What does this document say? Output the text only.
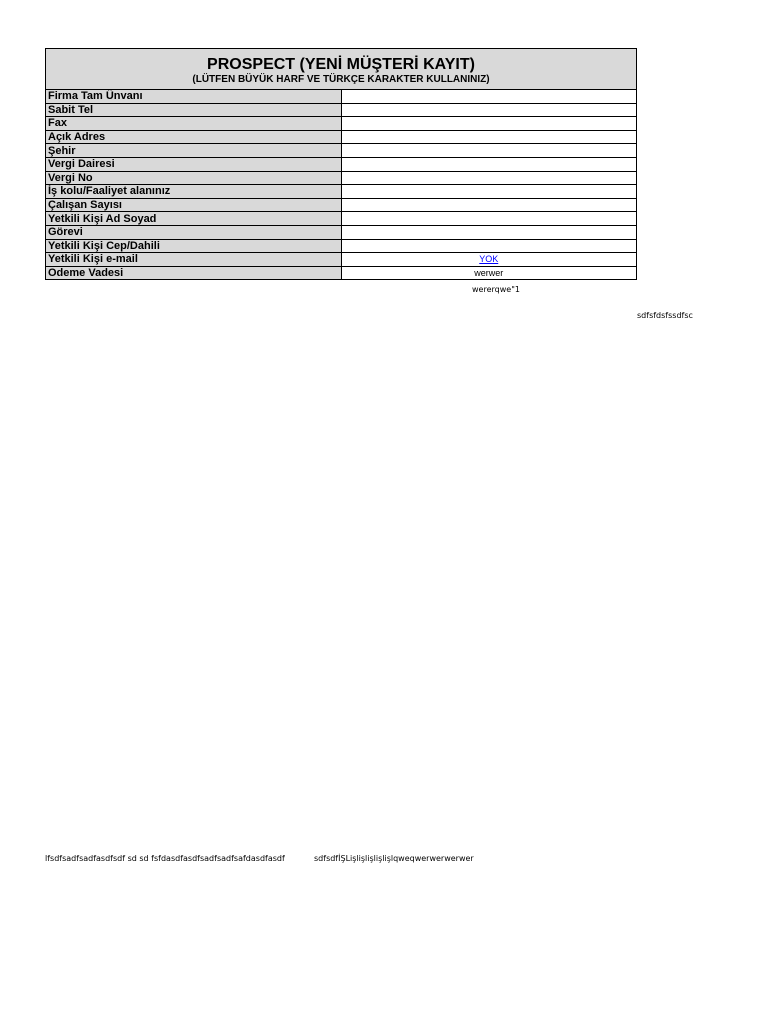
PROSPECT (YENİ MÜŞTERİ KAYIT)
(LÜTFEN BÜYÜK HARF VE TÜRKÇE KARAKTER KULLANINIZ)	

Firma Tam Ünvanı	
Sabit Tel	
Fax	
Açık Adres	
Şehir	
Vergi Dairesi	
Vergi No	
İş kolu/Faaliyet alanınız	
Çalışan Sayısı	
Yetkili Kişi Ad Soyad	
Görevi	
Yetkili Kişi Cep/Dahili	
Yetkili Kişi e-mail	YOK
Odeme Vadesi	werwer
wererqwe"1
sdfsfdsfssdfsc
lfsdfsadfsadfasdfsdf sd sd fsfdasdfasdfsadfsadfsafdasdfasdf	sdfsdfİŞLişlişlişlişlişlqweqwerwerwerwer
